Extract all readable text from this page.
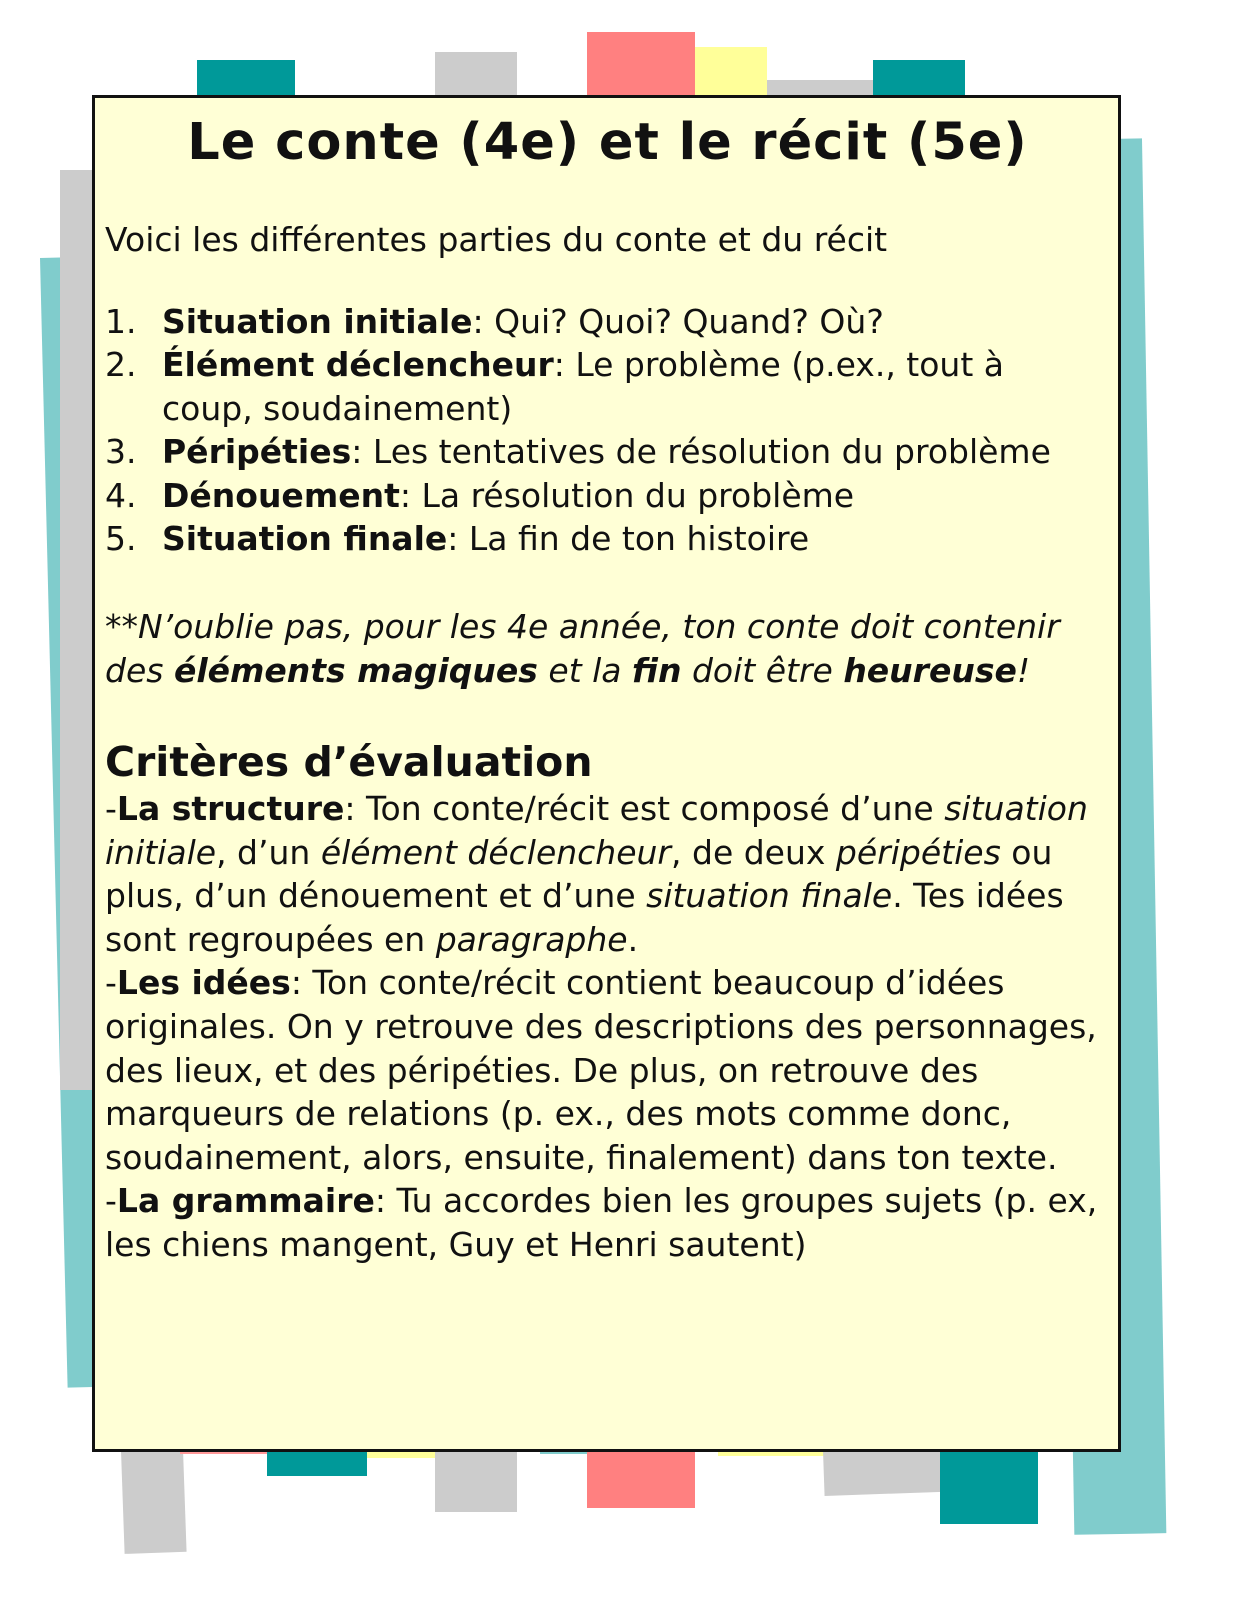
Le conte (4e) et le récit (5e)

Voici les différentes parties du conte et du récit

1. Situation initiale: Qui? Quoi? Quand? Où?
2. Élément déclencheur: Le problème (p.ex., tout à coup, soudainement)
3. Péripéties: Les tentatives de résolution du problème
4. Dénouement: La résolution du problème
5. Situation finale: La fin de ton histoire

**N’oublie pas, pour les 4e année, ton conte doit contenir des éléments magiques et la fin doit être heureuse!

Critères d’évaluation

-La structure: Ton conte/récit est composé d’une situation initiale, d’un élément déclencheur, de deux péripéties ou plus, d’un dénouement et d’une situation finale. Tes idées sont regroupées en paragraphe.

-Les idées: Ton conte/récit contient beaucoup d’idées originales. On y retrouve des descriptions des personnages, des lieux, et des péripéties. De plus, on retrouve des marqueurs de relations (p. ex., des mots comme donc, soudainement, alors, ensuite, finalement) dans ton texte.

-La grammaire: Tu accordes bien les groupes sujets (p. ex, les chiens mangent, Guy et Henri sautent)
